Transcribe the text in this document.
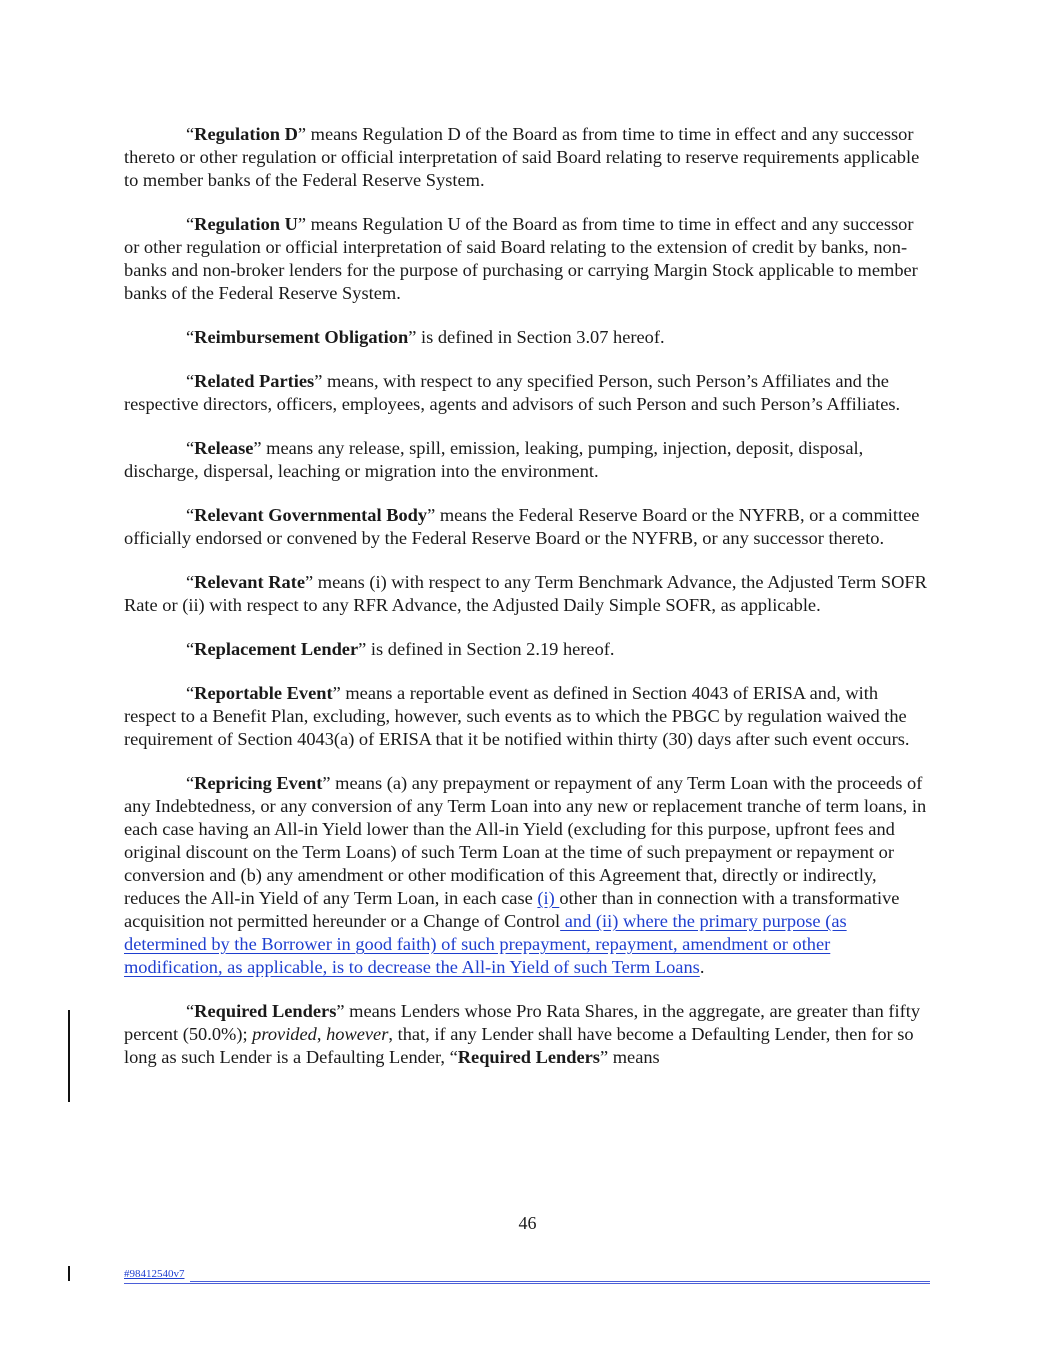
“Regulation D” means Regulation D of the Board as from time to time in effect and any successor thereto or other regulation or official interpretation of said Board relating to reserve requirements applicable to member banks of the Federal Reserve System.

“Regulation U” means Regulation U of the Board as from time to time in effect and any successor or other regulation or official interpretation of said Board relating to the extension of credit by banks, non-banks and non-broker lenders for the purpose of purchasing or carrying Margin Stock applicable to member banks of the Federal Reserve System.

“Reimbursement Obligation” is defined in Section 3.07 hereof.

“Related Parties” means, with respect to any specified Person, such Person’s Affiliates and the respective directors, officers, employees, agents and advisors of such Person and such Person’s Affiliates.

“Release” means any release, spill, emission, leaking, pumping, injection, deposit, disposal, discharge, dispersal, leaching or migration into the environment.

“Relevant Governmental Body” means the Federal Reserve Board or the NYFRB, or a committee officially endorsed or convened by the Federal Reserve Board or the NYFRB, or any successor thereto.

“Relevant Rate” means (i) with respect to any Term Benchmark Advance, the Adjusted Term SOFR Rate or (ii) with respect to any RFR Advance, the Adjusted Daily Simple SOFR, as applicable.

“Replacement Lender” is defined in Section 2.19 hereof.

“Reportable Event” means a reportable event as defined in Section 4043 of ERISA and, with respect to a Benefit Plan, excluding, however, such events as to which the PBGC by regulation waived the requirement of Section 4043(a) of ERISA that it be notified within thirty (30) days after such event occurs.

“Repricing Event” means (a) any prepayment or repayment of any Term Loan with the proceeds of any Indebtedness, or any conversion of any Term Loan into any new or replacement tranche of term loans, in each case having an All-in Yield lower than the All-in Yield (excluding for this purpose, upfront fees and original discount on the Term Loans) of such Term Loan at the time of such prepayment or repayment or conversion and (b) any amendment or other modification of this Agreement that, directly or indirectly, reduces the All-in Yield of any Term Loan, in each case (i) other than in connection with a transformative acquisition not permitted hereunder or a Change of Control and (ii) where the primary purpose (as determined by the Borrower in good faith) of such prepayment, repayment, amendment or other modification, as applicable, is to decrease the All-in Yield of such Term Loans.

“Required Lenders” means Lenders whose Pro Rata Shares, in the aggregate, are greater than fifty percent (50.0%); provided, however, that, if any Lender shall have become a Defaulting Lender, then for so long as such Lender is a Defaulting Lender, “Required Lenders” means

46
#98412540v7
